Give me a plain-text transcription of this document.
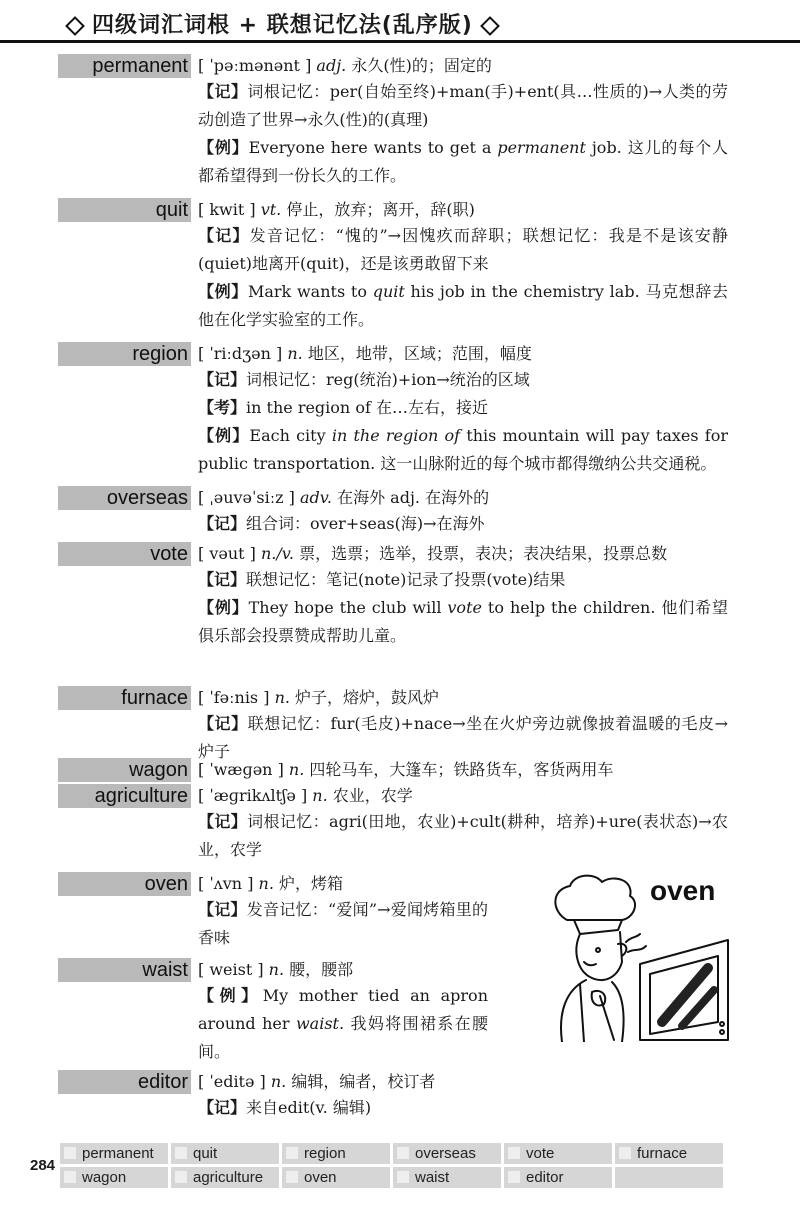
四级词汇词根 + 联想记忆法(乱序版)
permanent [ ˈpəːmənənt ] adj. 永久(性)的；固定的
【记】词根记忆：per(自始至终)+man(手)+ent(具…性质的)→人类的劳动创造了世界→永久(性)的(真理)
【例】Everyone here wants to get a permanent job. 这儿的每个人都希望得到一份长久的工作。
quit [ kwit ] vt. 停止，放弃；离开，辞(职)
【记】发音记忆：“愧的”→因愧疚而辞职；联想记忆：我是不是该安静(quiet)地离开(quit)，还是该勇敢留下来
【例】Mark wants to quit his job in the chemistry lab. 马克想辞去他在化学实验室的工作。
region [ ˈriːdʒən ] n. 地区，地带，区域；范围，幅度
【记】词根记忆：reg(统治)+ion→统治的区域
【考】in the region of 在…左右，接近
【例】Each city in the region of this mountain will pay taxes for public transportation. 这一山脉附近的每个城市都得缴纳公共交通税。
overseas [ ˌəuvəˈsiːz ] adv. 在海外 adj. 在海外的
【记】组合词：over+seas(海)→在海外
vote [ vəut ] n./v. 票，选票；选举，投票，表决；表决结果，投票总数
【记】联想记忆：笔记(note)记录了投票(vote)结果
【例】They hope the club will vote to help the children. 他们希望俱乐部会投票赞成帮助儿童。
furnace [ ˈfəːnis ] n. 炉子，熔炉，鼓风炉
【记】联想记忆：fur(毛皮)+nace→坐在火炉旁边就像披着温暖的毛皮→炉子
wagon [ ˈwæɡən ] n. 四轮马车，大篷车；铁路货车，客货两用车
agriculture [ ˈæɡrikʌltʃə ] n. 农业，农学
【记】词根记忆：agri(田地，农业)+cult(耕种，培养)+ure(表状态)→农业，农学
oven [ ˈʌvn ] n. 炉，烤箱
【记】发音记忆：“爱闻”→爱闻烤箱里的香味
waist [ weist ] n. 腰，腰部
【例】My mother tied an apron around her waist. 我妈将围裙系在腰间。
editor [ ˈeditə ] n. 编辑，编者，校订者
【记】来自edit(v. 编辑)
oven
284
permanent	quit	region	overseas	vote	furnace
wagon	agriculture	oven	waist	editor
